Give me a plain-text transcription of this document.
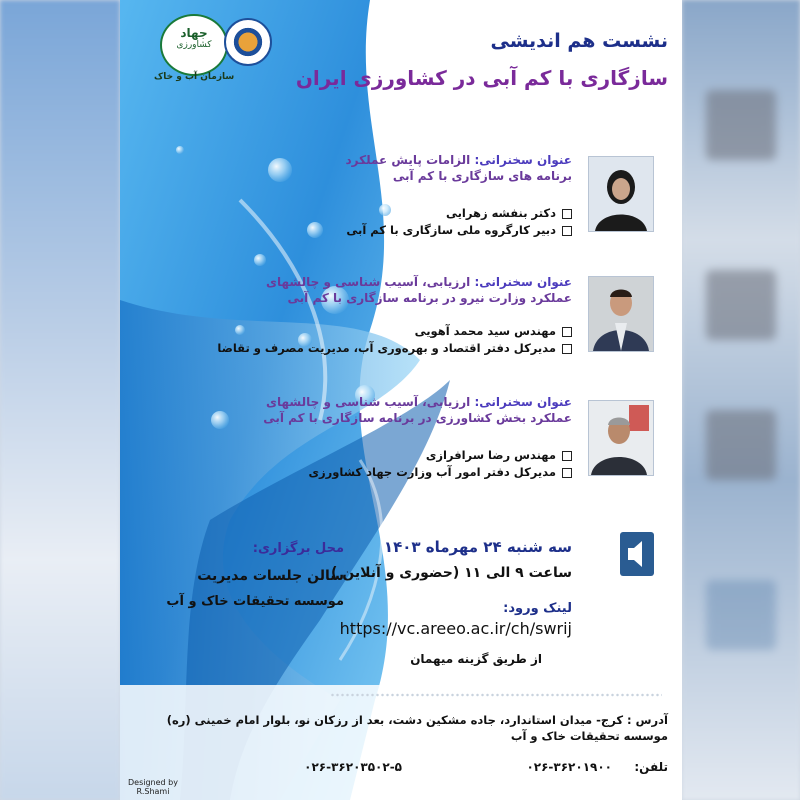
جهاد
کشاورزی
سازمان آب و خاک
نشست هم اندیشی
سازگاری با کم آبی در کشاورزی ایران
عنوان سخنرانی: الزامات پایش عملکرد
برنامه های سازگاری با کم آبی
دکتر بنفشه زهرایی
دبیر کارگروه ملی سازگاری با کم آبی
عنوان سخنرانی: ارزیابی، آسیب شناسی و چالشهای
عملکرد وزارت نیرو در برنامه سازگاری با کم آبی
مهندس سید محمد آهویی
مدیرکل دفتر اقتصاد و بهره‌وری آب، مدیریت مصرف و تقاضا
عنوان سخنرانی: ارزیابی، آسیب شناسی و چالشهای
عملکرد بخش کشاورزی در برنامه سازگاری با کم آبی
مهندس رضا سرافرازی
مدیرکل دفتر امور آب وزارت جهاد کشاورزی
سه شنبه ۲۴ مهرماه ۱۴۰۳
ساعت ۹ الی ۱۱ (حضوری و آنلاین )
لینک ورود:
https://vc.areeo.ac.ir/ch/swrij
از طریق گزینه میهمان
محل برگزاری:
سالن جلسات مدیریت
موسسه تحقیقات خاک و آب
آدرس : کرج- میدان استاندارد، جاده مشکین دشت، بعد از رزکان نو، بلوار امام خمینی (ره)
موسسه تحقیقات خاک و آب
تلفن:
۰۲۶-۳۶۲۰۱۹۰۰
۰۲۶-۳۶۲۰۳۵۰۲-۵
Designed by
R.Shami
